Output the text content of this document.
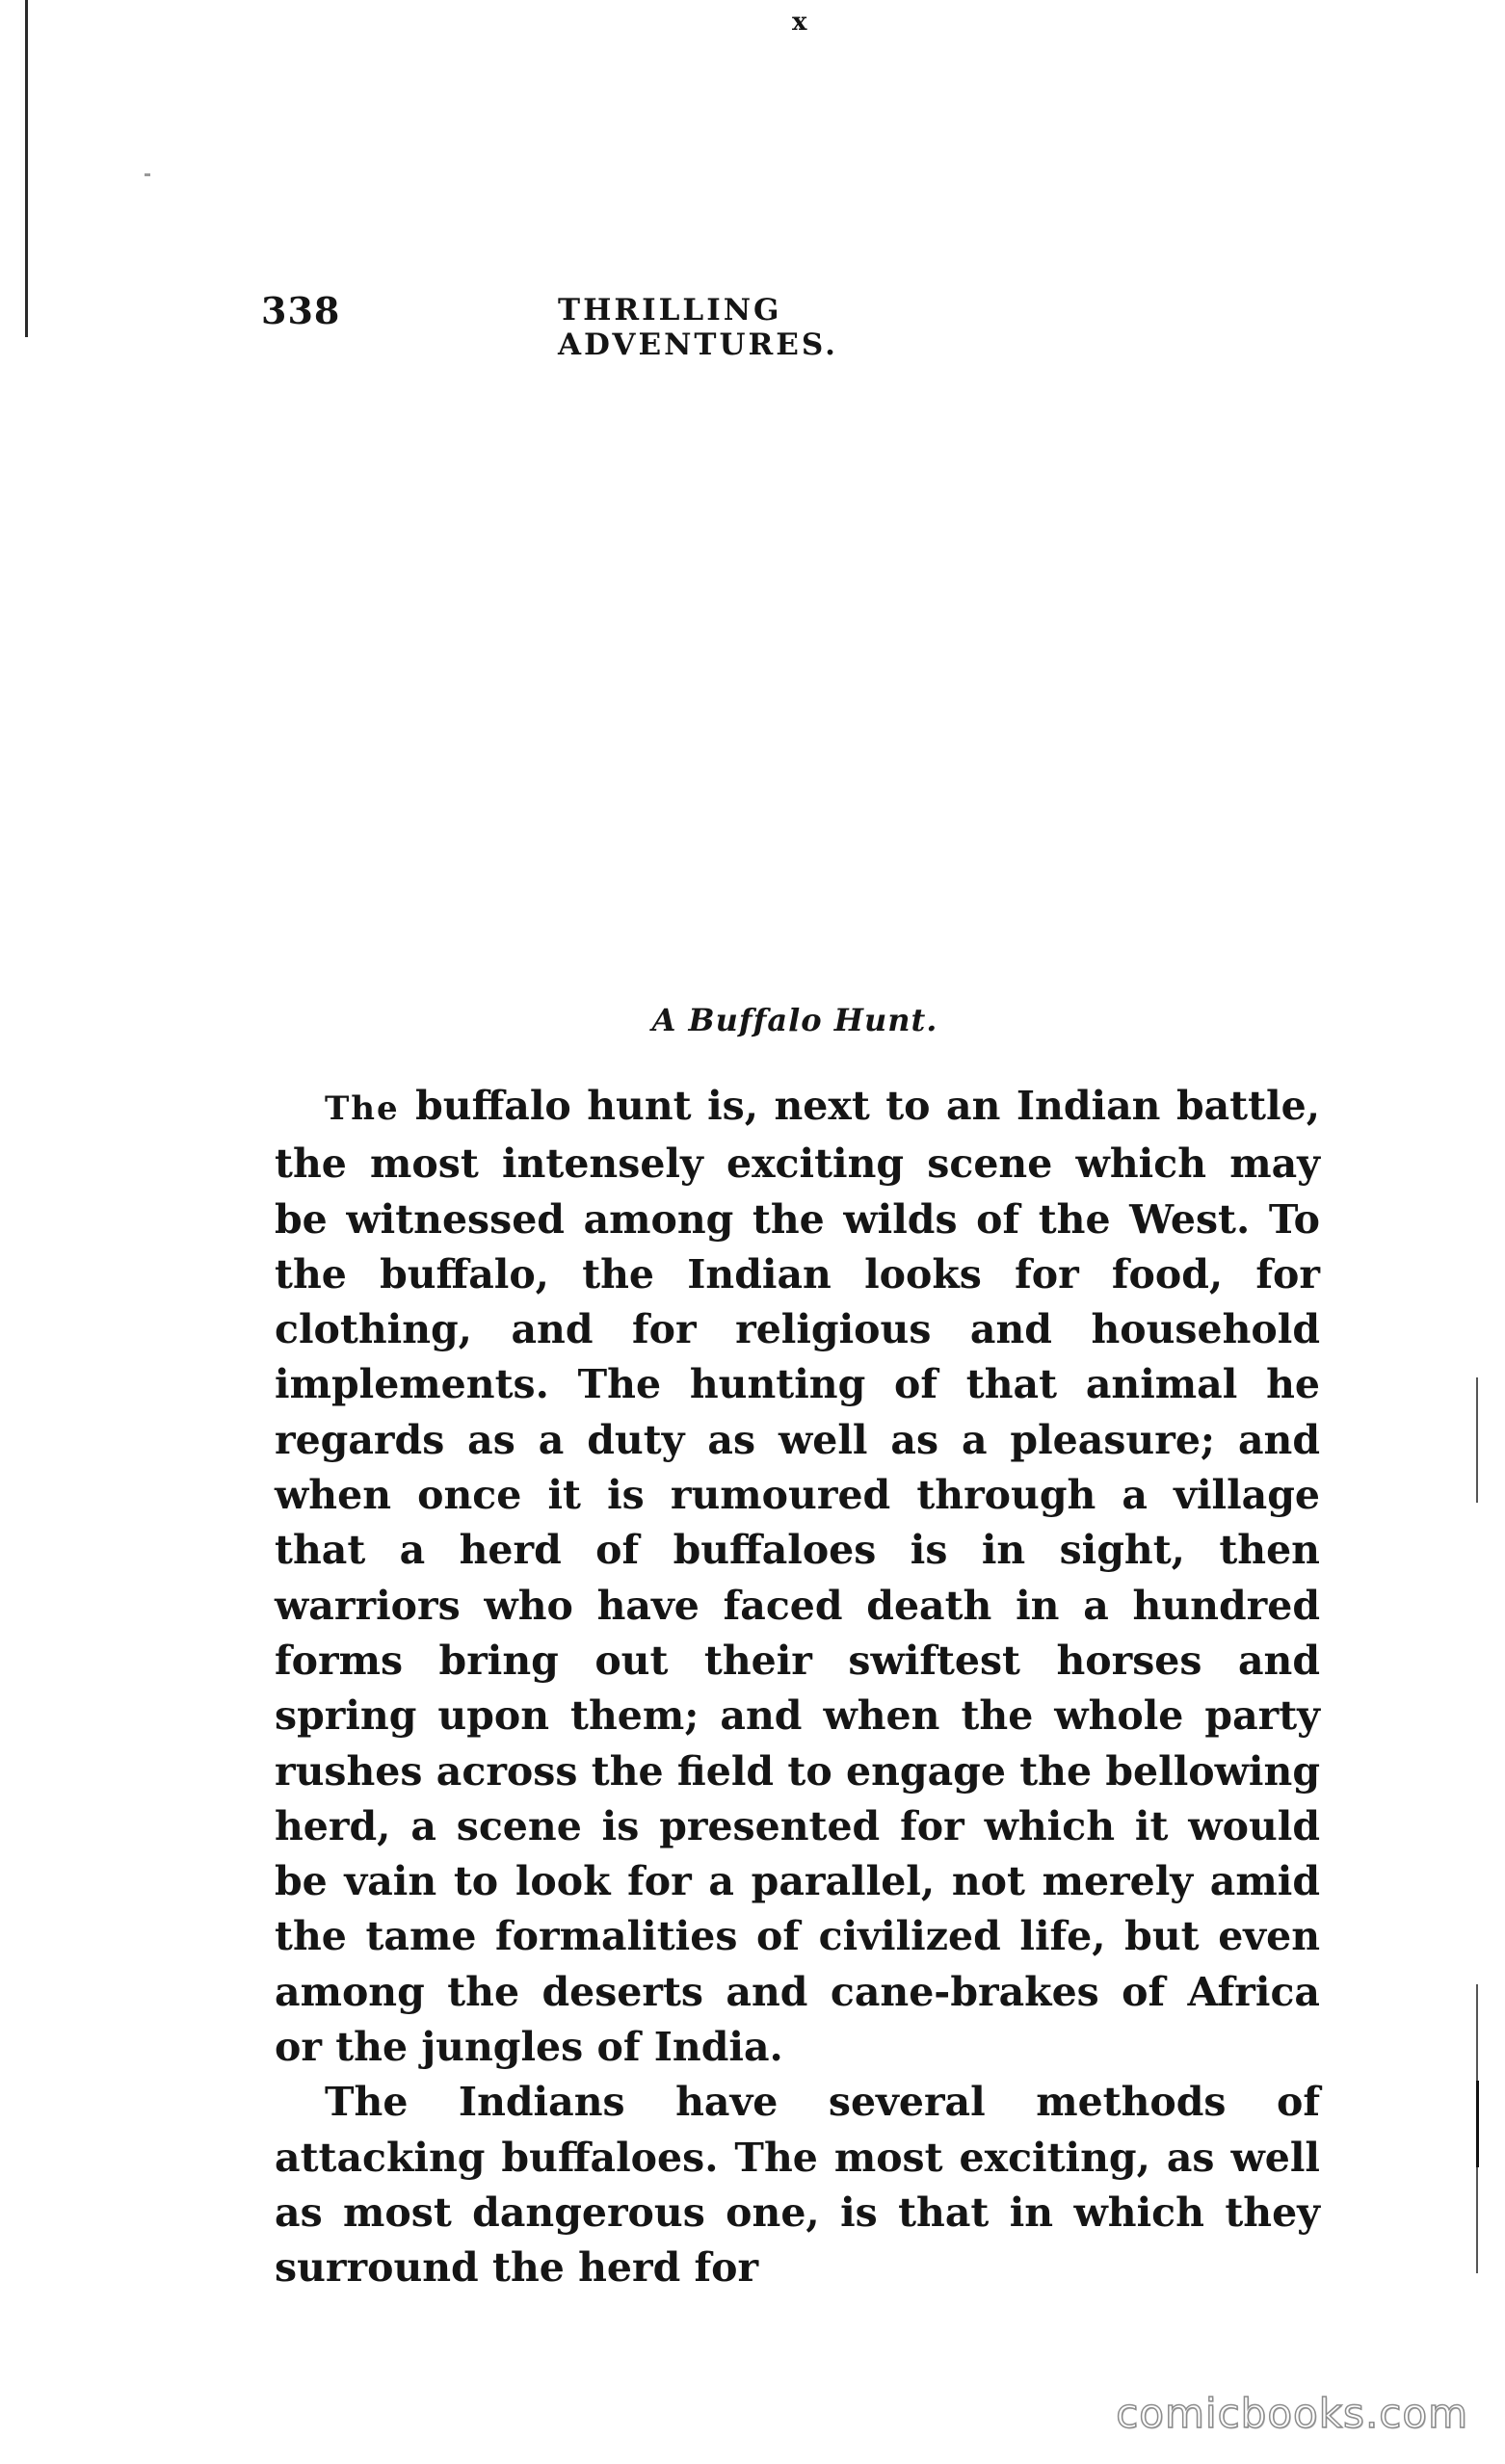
x
338	THRILLING ADVENTURES.
A Buffalo Hunt.

The buffalo hunt is, next to an Indian battle, the most intensely exciting scene which may be witnessed among the wilds of the West. To the buffalo, the Indian looks for food, for clothing, and for religious and household implements. The hunting of that animal he regards as a duty as well as a pleasure; and when once it is rumoured through a village that a herd of buffaloes is in sight, then warriors who have faced death in a hundred forms bring out their swiftest horses and spring upon them; and when the whole party rushes across the field to engage the bellowing herd, a scene is presented for which it would be vain to look for a parallel, not merely amid the tame formalities of civilized life, but even among the deserts and cane-brakes of Africa or the jungles of India.

The Indians have several methods of attacking buffaloes. The most exciting, as well as most dangerous one, is that in which they surround the herd for

comicbooks.com
